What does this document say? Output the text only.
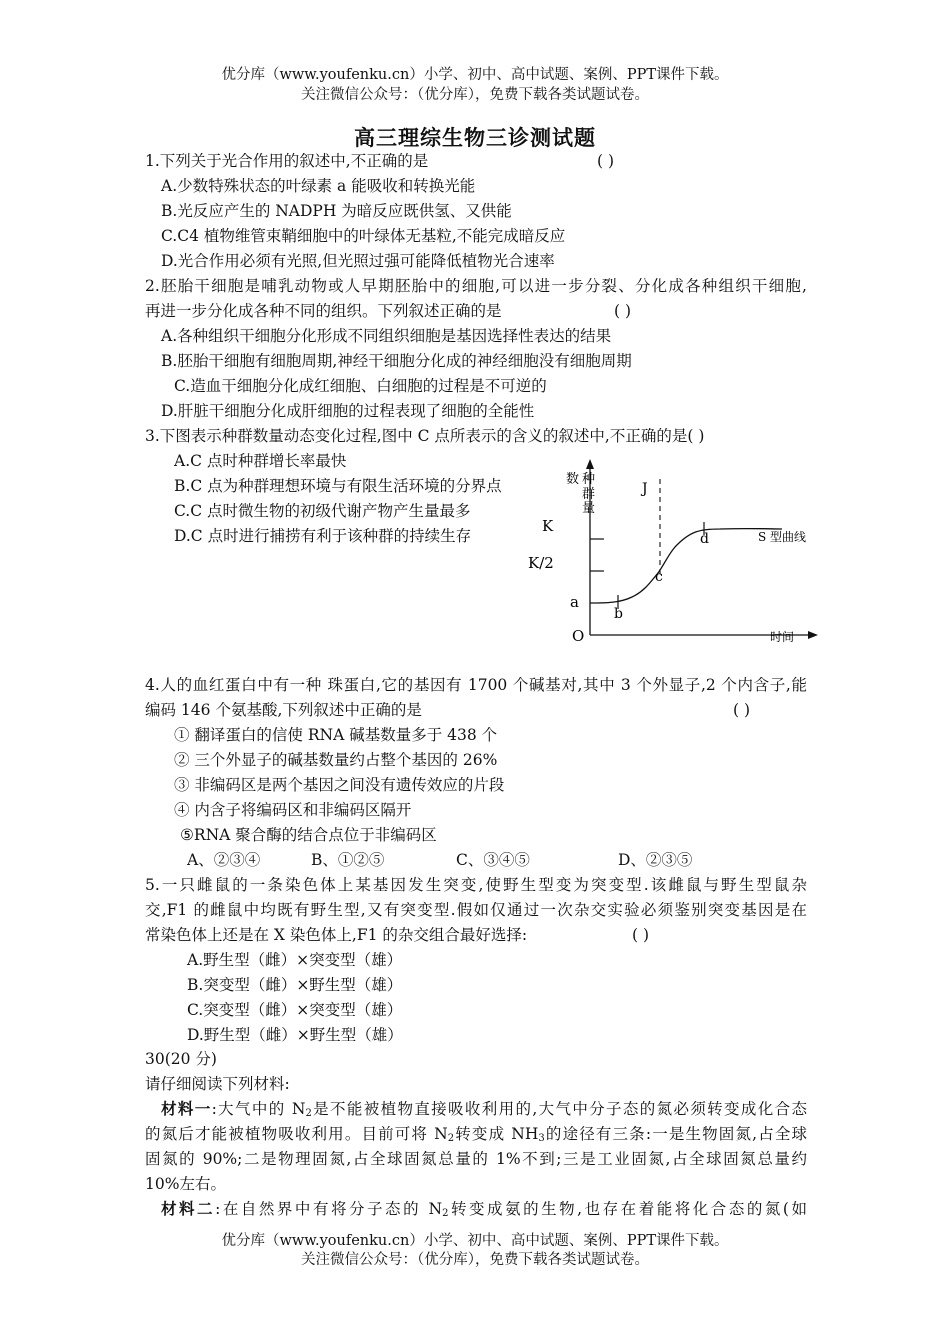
优分库（www.youfenku.cn）小学、初中、高中试题、案例、PPT课件下载。
关注微信公众号：（优分库），免费下载各类试题试卷。
高三理综生物三诊测试题
1.下列关于光合作用的叙述中,不正确的是	( )
A.少数特殊状态的叶绿素 a 能吸收和转换光能
B.光反应产生的 NADPH 为暗反应既供氢、又供能
C.C4 植物维管束鞘细胞中的叶绿体无基粒,不能完成暗反应
D.光合作用必须有光照,但光照过强可能降低植物光合速率
2.胚胎干细胞是哺乳动物或人早期胚胎中的细胞,可以进一步分裂、分化成各种组织干细胞,
再进一步分化成各种不同的组织。下列叙述正确的是	( )
A.各种组织干细胞分化形成不同组织细胞是基因选择性表达的结果
B.胚胎干细胞有细胞周期,神经干细胞分化成的神经细胞没有细胞周期
C.造血干细胞分化成红细胞、白细胞的过程是不可逆的
D.肝脏干细胞分化成肝细胞的过程表现了细胞的全能性
3.下图表示种群数量动态变化过程,图中 C 点所表示的含义的叙述中,不正确的是( )
A.C 点时种群增长率最快
B.C 点为种群理想环境与有限生活环境的分界点
C.C 点时微生物的初级代谢产物产生量最多
D.C 点时进行捕捞有利于该种群的持续生存
数 种
群
量
时间
O
K
K/2
a
J
b
c
d	S 型曲线
4.人的血红蛋白中有一种 珠蛋白,它的基因有 1700 个碱基对,其中 3 个外显子,2 个内含子,能
编码 146 个氨基酸,下列叙述中正确的是	( )
① 翻译蛋白的信使 RNA 碱基数量多于 438 个
② 三个外显子的碱基数量约占整个基因的 26%
③ 非编码区是两个基因之间没有遗传效应的片段
④ 内含子将编码区和非编码区隔开
⑤RNA 聚合酶的结合点位于非编码区
A、②③④	B、①②⑤	C、③④⑤	D、②③⑤
5.一只雌鼠的一条染色体上某基因发生突变,使野生型变为突变型.该雌鼠与野生型鼠杂
交,F1 的雌鼠中均既有野生型,又有突变型.假如仅通过一次杂交实验必须鉴别突变基因是在
常染色体上还是在 X 染色体上,F1 的杂交组合最好选择:	( )
A.野生型（雌）×突变型（雄）
B.突变型（雌）×野生型（雄）
C.突变型（雌）×突变型（雄）
D.野生型（雌）×野生型（雄）
30(20 分)
请仔细阅读下列材料:
材料一:大气中的 $N_2$是不能被植物直接吸收利用的,大气中分子态的氮必须转变成化合态
的氮后才能被植物吸收利用。目前可将 $N_2$转变成 $NH_3$的途径有三条:一是生物固氮,占全球
固氮的 90%;二是物理固氮,占全球固氮总量的 1%不到;三是工业固氮,占全球固氮总量约
10%左右。
材料二:在自然界中有将分子态的 $N_2$转变成氨的生物,也存在着能将化合态的氮(如
优分库（www.youfenku.cn）小学、初中、高中试题、案例、PPT课件下载。
关注微信公众号：（优分库），免费下载各类试题试卷。
